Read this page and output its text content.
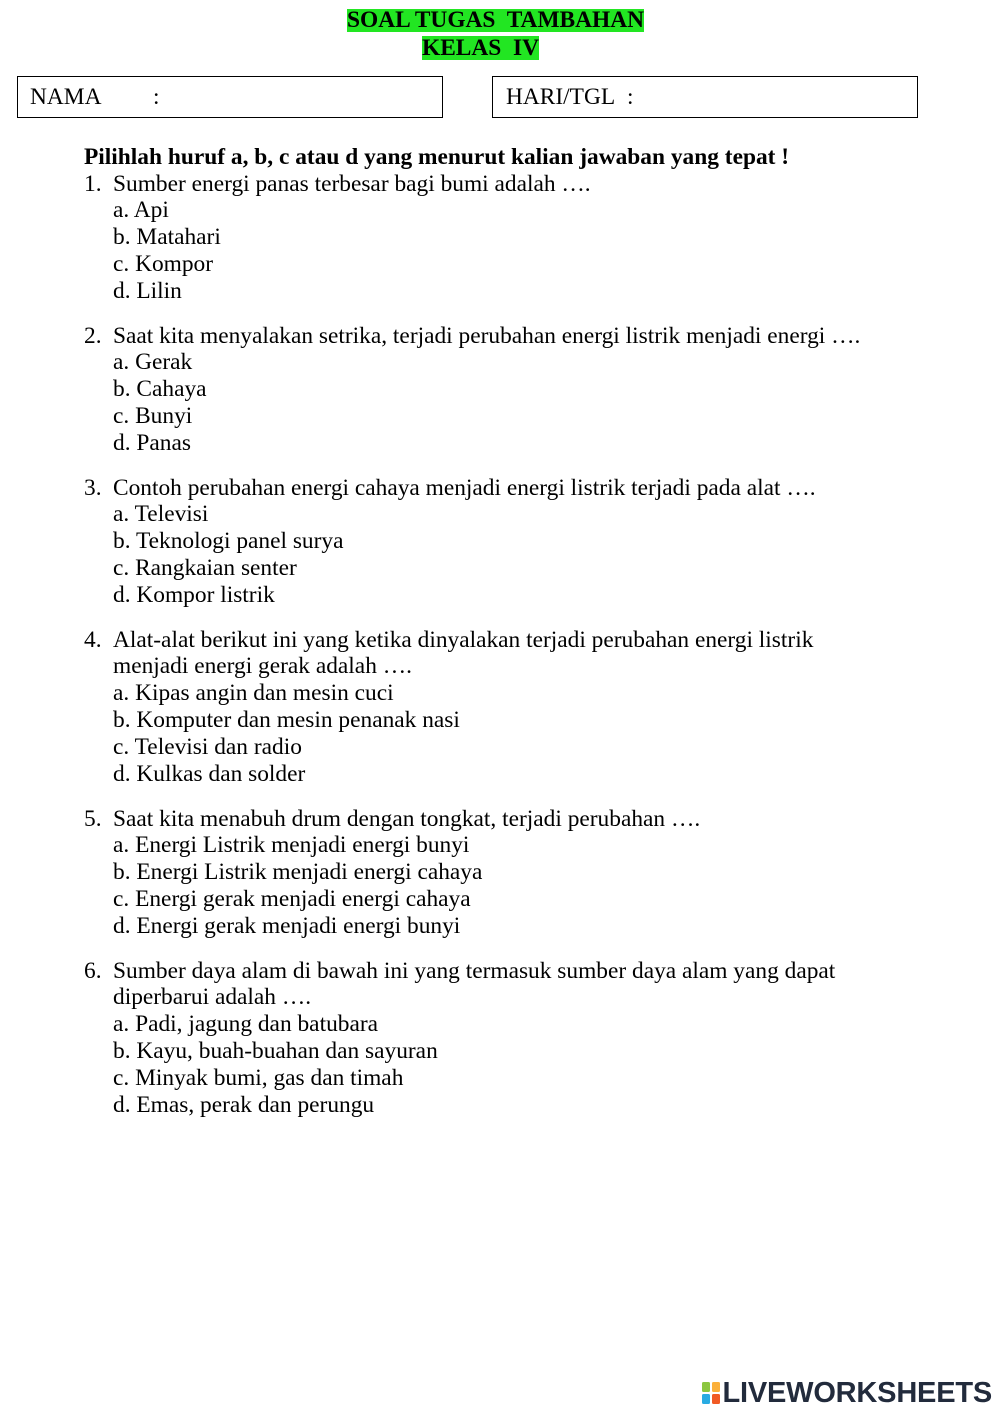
SOAL TUGAS  TAMBAHAN
KELAS  IV
NAMA :	HARI/TGL :
Pilihlah huruf a, b, c atau d yang menurut kalian jawaban yang tepat !
1. Sumber energi panas terbesar bagi bumi adalah ….
a. Api
b. Matahari
c. Kompor
d. Lilin
2. Saat kita menyalakan setrika, terjadi perubahan energi listrik menjadi energi ….
a. Gerak
b. Cahaya
c. Bunyi
d. Panas
3. Contoh perubahan energi cahaya menjadi energi listrik terjadi pada alat ….
a. Televisi
b. Teknologi panel surya
c. Rangkaian senter
d. Kompor listrik
4. Alat-alat berikut ini yang ketika dinyalakan terjadi perubahan energi listrik
menjadi energi gerak adalah ….
a. Kipas angin dan mesin cuci
b. Komputer dan mesin penanak nasi
c. Televisi dan radio
d. Kulkas dan solder
5. Saat kita menabuh drum dengan tongkat, terjadi perubahan ….
a. Energi Listrik menjadi energi bunyi
b. Energi Listrik menjadi energi cahaya
c. Energi gerak menjadi energi cahaya
d. Energi gerak menjadi energi bunyi
6. Sumber daya alam di bawah ini yang termasuk sumber daya alam yang dapat
diperbarui adalah ….
a. Padi, jagung dan batubara
b. Kayu, buah-buahan dan sayuran
c. Minyak bumi, gas dan timah
d. Emas, perak dan perungu
LIVEWORKSHEETS
